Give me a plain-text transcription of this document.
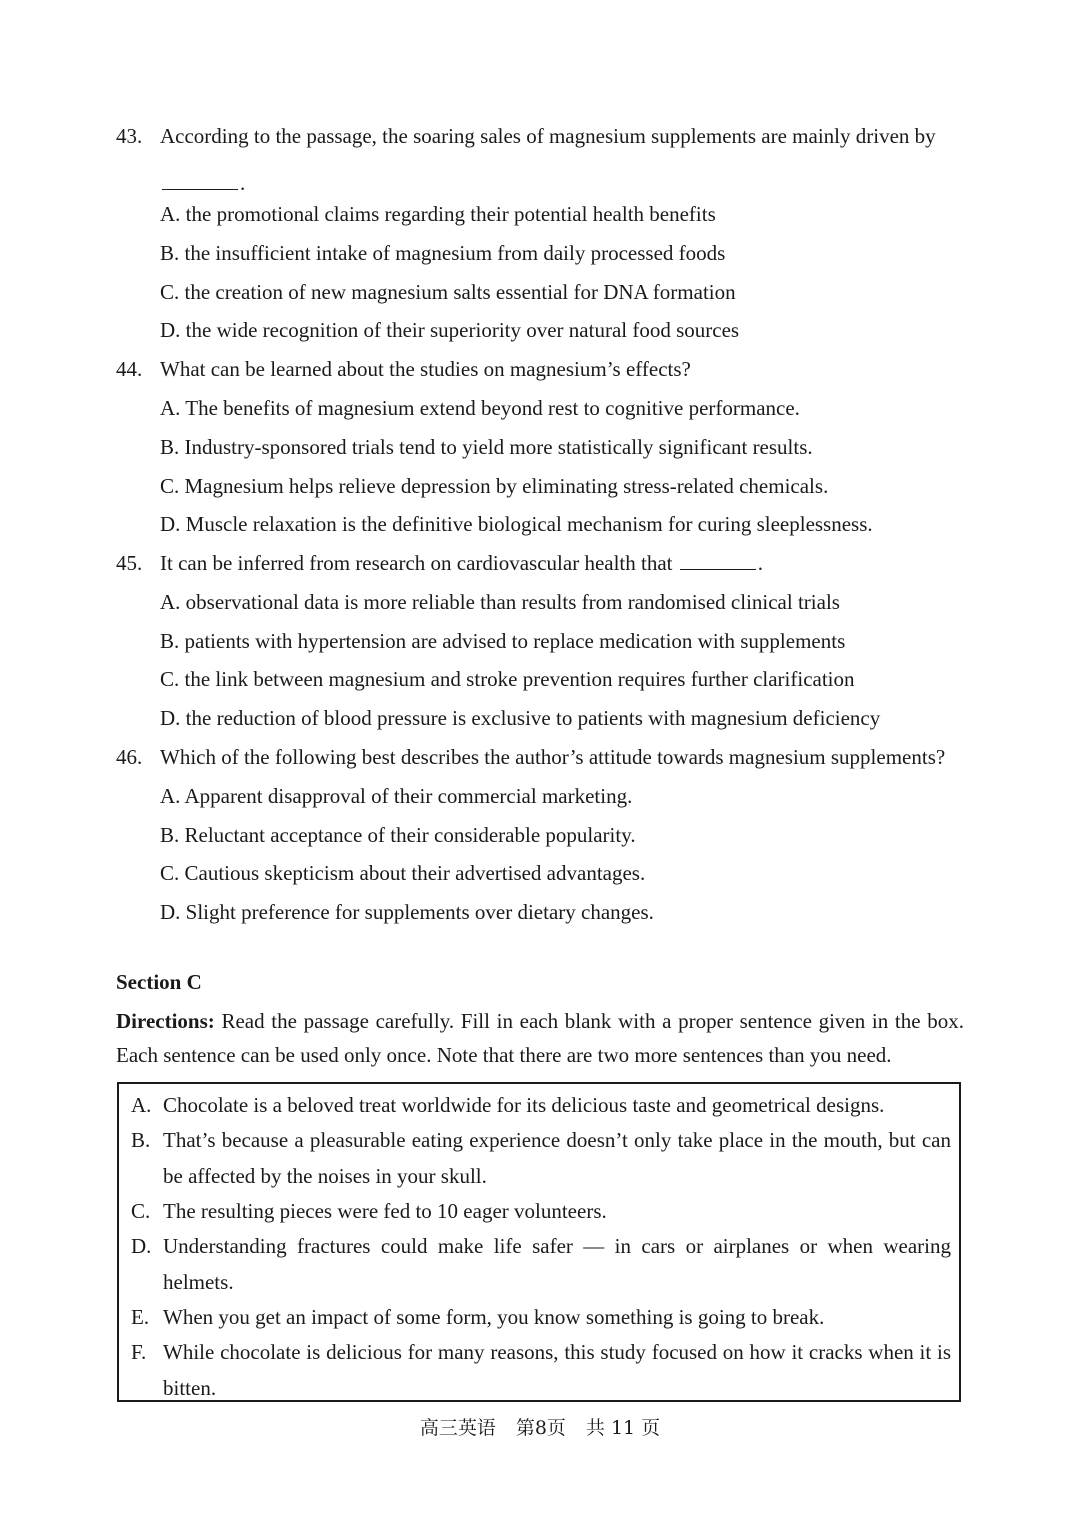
43. According to the passage, the soaring sales of magnesium supplements are mainly driven by
.
A. the promotional claims regarding their potential health benefits
B. the insufficient intake of magnesium from daily processed foods
C. the creation of new magnesium salts essential for DNA formation
D. the wide recognition of their superiority over natural food sources
44. What can be learned about the studies on magnesium’s effects?
A. The benefits of magnesium extend beyond rest to cognitive performance.
B. Industry-sponsored trials tend to yield more statistically significant results.
C. Magnesium helps relieve depression by eliminating stress-related chemicals.
D. Muscle relaxation is the definitive biological mechanism for curing sleeplessness.
45. It can be inferred from research on cardiovascular health that	.
A. observational data is more reliable than results from randomised clinical trials
B. patients with hypertension are advised to replace medication with supplements
C. the link between magnesium and stroke prevention requires further clarification
D. the reduction of blood pressure is exclusive to patients with magnesium deficiency
46. Which of the following best describes the author’s attitude towards magnesium supplements?
A. Apparent disapproval of their commercial marketing.
B. Reluctant acceptance of their considerable popularity.
C. Cautious skepticism about their advertised advantages.
D. Slight preference for supplements over dietary changes.
Section C
Directions: Read the passage carefully. Fill in each blank with a proper sentence given in the box. Each sentence can be used only once. Note that there are two more sentences than you need.
A. Chocolate is a beloved treat worldwide for its delicious taste and geometrical designs.
B. That’s because a pleasurable eating experience doesn’t only take place in the mouth, but can be affected by the noises in your skull.
C. The resulting pieces were fed to 10 eager volunteers.
D. Understanding fractures could make life safer — in cars or airplanes or when wearing helmets.
E. When you get an impact of some form, you know something is going to break.
F. While chocolate is delicious for many reasons, this study focused on how it cracks when it is bitten.
高三英语 第8页 共 11 页
